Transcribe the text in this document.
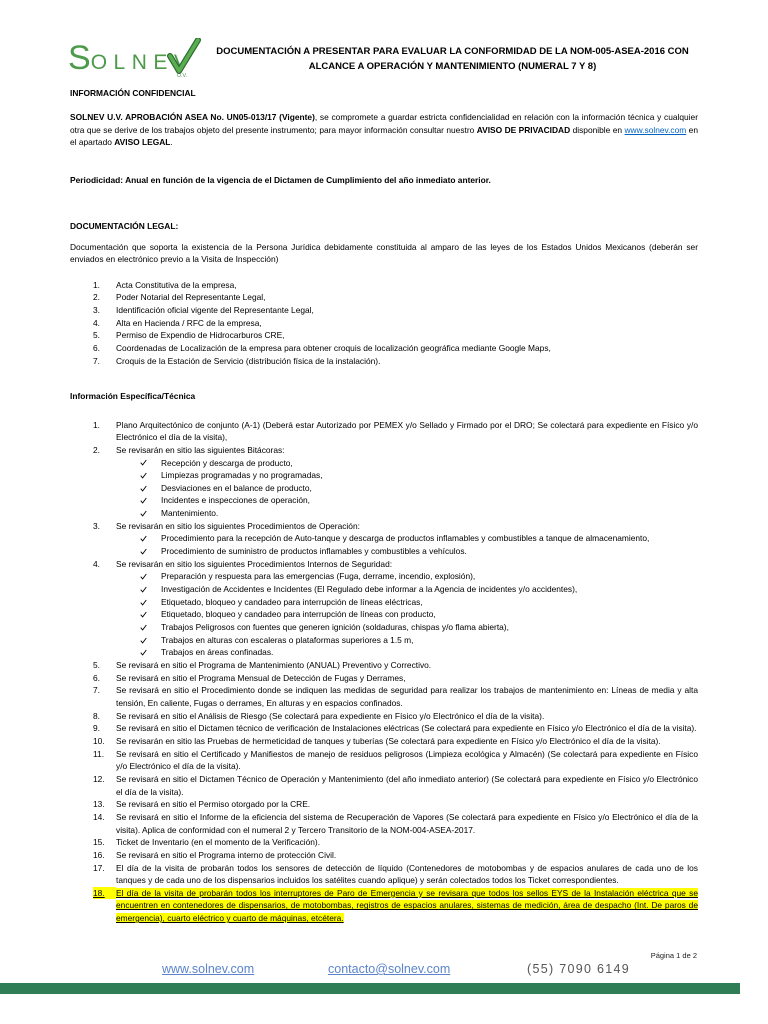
SOLNEV
U.V.
DOCUMENTACIÓN A PRESENTAR PARA EVALUAR LA CONFORMIDAD DE LA NOM-005-ASEA-2016 CON
ALCANCE A OPERACIÓN Y MANTENIMIENTO (NUMERAL 7 Y 8)
INFORMACIÓN CONFIDENCIAL

SOLNEV U.V. APROBACIÓN ASEA No. UN05-013/17 (Vigente), se compromete a guardar estricta confidencialidad en relación con la información técnica y cualquier otra que se derive de los trabajos objeto del presente instrumento; para mayor información consultar nuestro AVISO DE PRIVACIDAD disponible en www.solnev.com en el apartado AVISO LEGAL.

Periodicidad: Anual en función de la vigencia de el Dictamen de Cumplimiento del año inmediato anterior.
DOCUMENTACIÓN LEGAL:

Documentación que soporta la existencia de la Persona Jurídica debidamente constituida al amparo de las leyes de los Estados Unidos Mexicanos (deberán ser enviados en electrónico previo a la Visita de Inspección)

1.	Acta Constitutiva de la empresa,
2.	Poder Notarial del Representante Legal,
3.	Identificación oficial vigente del Representante Legal,
4.	Alta en Hacienda / RFC de la empresa,
5.	Permiso de Expendio de Hidrocarburos CRE,
6.	Coordenadas de Localización de la empresa para obtener croquis de localización geográfica mediante Google Maps,
7.	Croquis de la Estación de Servicio (distribución física de la instalación).
Información Específica/Técnica
1.	Plano Arquitectónico de conjunto (A-1) (Deberá estar Autorizado por PEMEX y/o Sellado y Firmado por el DRO; Se colectará para expediente en Físico y/o Electrónico el día de la visita),
2.	Se revisarán en sitio las siguientes Bitácoras:
Recepción y descarga de producto,
Limpiezas programadas y no programadas,
Desviaciones en el balance de producto,
Incidentes e inspecciones de operación,
Mantenimiento.
3.	Se revisarán en sitio los siguientes Procedimientos de Operación:
Procedimiento para la recepción de Auto-tanque y descarga de productos inflamables y combustibles a tanque de almacenamiento,
Procedimiento de suministro de productos inflamables y combustibles a vehículos.
4.	Se revisarán en sitio los siguientes Procedimientos Internos de Seguridad:
Preparación y respuesta para las emergencias (Fuga, derrame, incendio, explosión),
Investigación de Accidentes e Incidentes (El Regulado debe informar a la Agencia de incidentes y/o accidentes),
Etiquetado, bloqueo y candadeo para interrupción de líneas eléctricas,
Etiquetado, bloqueo y candadeo para interrupción de líneas con producto,
Trabajos Peligrosos con fuentes que generen ignición (soldaduras, chispas y/o flama abierta),
Trabajos en alturas con escaleras o plataformas superiores a 1.5 m,
Trabajos en áreas confinadas.
5.	Se revisará en sitio el Programa de Mantenimiento (ANUAL) Preventivo y Correctivo.
6.	Se revisará en sitio el Programa Mensual de Detección de Fugas y Derrames,
7.	Se revisará en sitio el Procedimiento donde se indiquen las medidas de seguridad para realizar los trabajos de mantenimiento en: Líneas de media y alta tensión, En caliente, Fugas o derrames, En alturas y en espacios confinados.
8.	Se revisará en sitio el Análisis de Riesgo (Se colectará para expediente en Físico y/o Electrónico el día de la visita).
9.	Se revisará en sitio el Dictamen técnico de verificación de Instalaciones eléctricas (Se colectará para expediente en Físico y/o Electrónico el día de la visita).
10.	Se revisarán en sitio las Pruebas de hermeticidad de tanques y tuberías (Se colectará para expediente en Físico y/o Electrónico el día de la visita).
11.	Se revisará en sitio el Certificado y Manifiestos de manejo de residuos peligrosos (Limpieza ecológica y Almacén) (Se colectará para expediente en Físico y/o Electrónico el día de la visita).
12.	Se revisará en sitio el Dictamen Técnico de Operación y Mantenimiento (del año inmediato anterior) (Se colectará para expediente en Físico y/o Electrónico el día de la visita).
13.	Se revisará en sitio el Permiso otorgado por la CRE.
14.	Se revisará en sitio el Informe de la eficiencia del sistema de Recuperación de Vapores (Se colectará para expediente en Físico y/o Electrónico el día de la visita). Aplica de conformidad con el numeral 2 y Tercero Transitorio de la NOM-004-ASEA-2017.
15.	Ticket de Inventario (en el momento de la Verificación).
16.	Se revisará en sitio el Programa interno de protección Civil.
17.	El día de la visita de probarán todos los sensores de detección de líquido (Contenedores de motobombas y de espacios anulares de cada uno de los tanques y de cada uno de los dispensarios incluidos los satélites cuando aplique) y serán colectados todos los Ticket correspondientes.
18.	El día de la visita de probarán todos los interruptores de Paro de Emergencia y se revisara que todos los sellos EYS de la Instalación eléctrica que se encuentren en contenedores de dispensarios, de motobombas, registros de espacios anulares, sistemas de medición, área de despacho (Int. De paros de emergencia), cuarto eléctrico y cuarto de máquinas, etcétera.
Página 1 de 2
www.solnev.com	contacto@solnev.com	(55) 7090 6149
